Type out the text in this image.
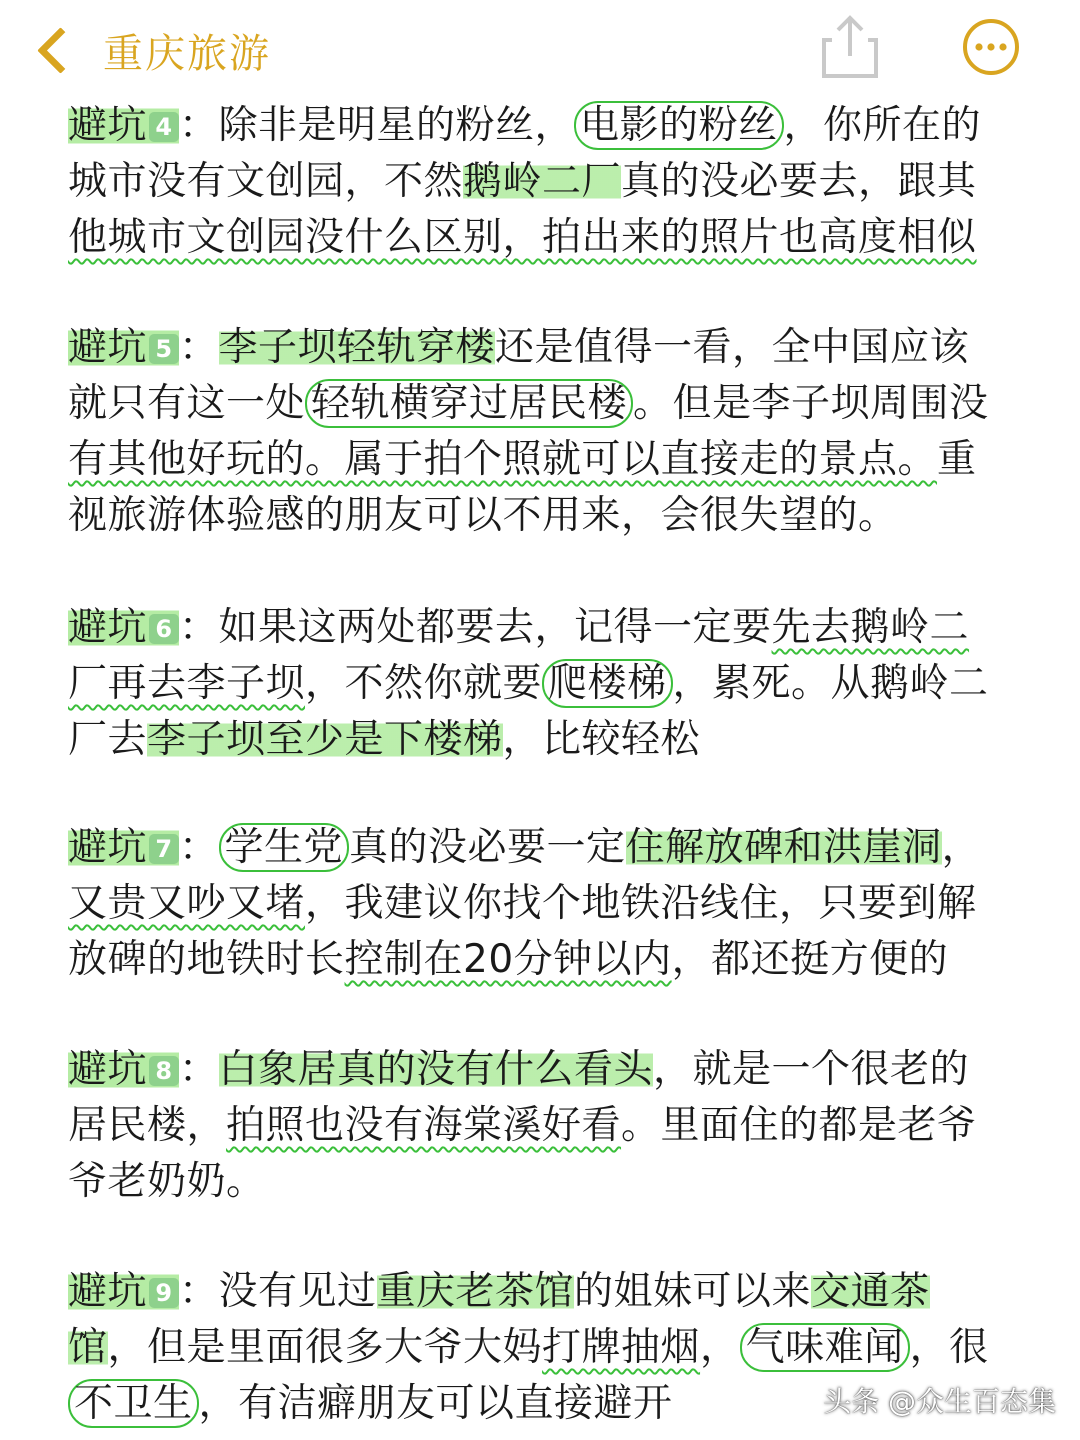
重庆旅游
避坑 4 ：除非是明星的粉丝， 电影的粉丝 ，你所在的
城市没有文创园，不然鹅岭二厂真的没必要去，跟其
他城市文创园没什么区别，拍出来的照片也高度相似
避坑 5 ：李子坝轻轨穿楼还是值得一看，全中国应该
就只有这一处 轻轨横穿过居民楼 。但是李子坝周围没
有其他好玩的。属于拍个照就可以直接走的景点。重
视旅游体验感的朋友可以不用来，会很失望的。
避坑 6 ：如果这两处都要去，记得一定要先去鹅岭二
厂再去李子坝，不然你就要 爬楼梯 ，累死。从鹅岭二
厂去李子坝至少是下楼梯，比较轻松
避坑 7 ： 学生党 真的没必要一定住解放碑和洪崖洞，
又贵又吵又堵，我建议你找个地铁沿线住，只要到解
放碑的地铁时长控制在20分钟以内，都还挺方便的
避坑 8 ：白象居真的没有什么看头，就是一个很老的
居民楼，拍照也没有海棠溪好看。里面住的都是老爷
爷老奶奶。
避坑 9 ：没有见过重庆老茶馆的姐妹可以来交通茶
馆，但是里面很多大爷大妈打牌抽烟， 气味难闻 ，很
不卫生 ，有洁癖朋友可以直接避开	头条 @众生百态集
